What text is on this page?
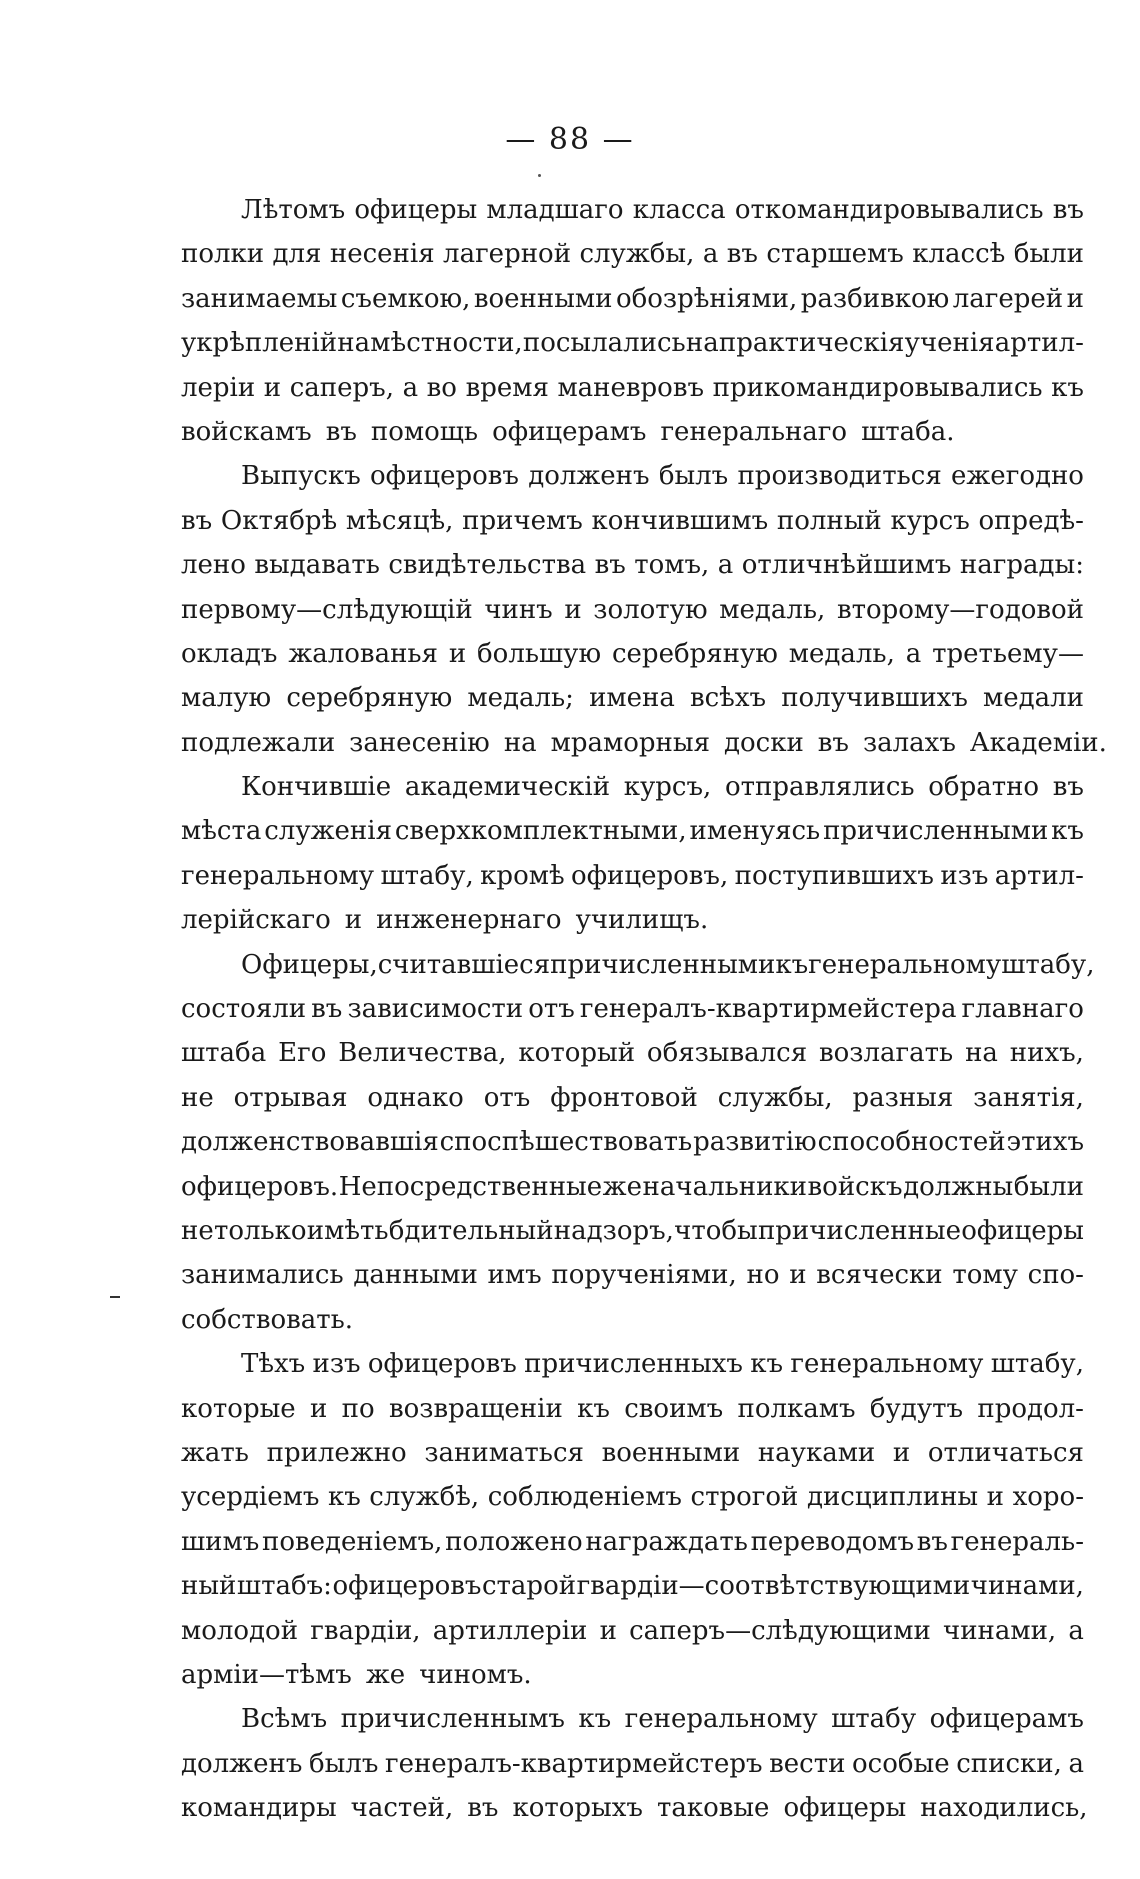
— 88 —
Лѣтомъ офицеры младшаго класса откомандировывались въ
полки для несенія лагерной службы, а въ старшемъ классѣ были
занимаемы съемкою, военными обозрѣніями, разбивкою лагерей и
укрѣпленій на мѣстности, посылались на практическія ученія артил-
леріи и саперъ, а во время маневровъ прикомандировывались къ
войскамъ въ помощь офицерамъ генеральнаго штаба.
Выпускъ офицеровъ долженъ былъ производиться ежегодно
въ Октябрѣ мѣсяцѣ, причемъ кончившимъ полный курсъ опредѣ-
лено выдавать свидѣтельства въ томъ, а отличнѣйшимъ награды:
первому—слѣдующій чинъ и золотую медаль, второму—годовой
окладъ жалованья и большую серебряную медаль, а третьему—
малую серебряную медаль; имена всѣхъ получившихъ медали
подлежали занесенію на мраморныя доски въ залахъ Академіи.
Кончившіе академическій курсъ, отправлялись обратно въ
мѣста служенія сверхкомплектными, именуясь причисленными къ
генеральному штабу, кромѣ офицеровъ, поступившихъ изъ артил-
лерійскаго и инженернаго училищъ.
Офицеры, считавшіеся причисленными къ генеральному штабу,
состояли въ зависимости отъ генералъ-квартирмейстера главнаго
штаба Его Величества, который обязывался возлагать на нихъ,
не отрывая однако отъ фронтовой службы, разныя занятія,
долженствовавшія споспѣшествовать развитію способностей этихъ
офицеровъ. Непосредственные же начальники войскъ должны были
не только имѣть бдительный надзоръ, чтобы причисленные офицеры
занимались данными имъ порученіями, но и всячески тому спо-
собствовать.
Тѣхъ изъ офицеровъ причисленныхъ къ генеральному штабу,
которые и по возвращеніи къ своимъ полкамъ будутъ продол-
жать прилежно заниматься военными науками и отличаться
усердіемъ къ службѣ, соблюденіемъ строгой дисциплины и хоро-
шимъ поведеніемъ, положено награждать переводомъ въ генераль-
ный штабъ: офицеровъ старой гвардіи—соотвѣтствующими чинами,
молодой гвардіи, артиллеріи и саперъ—слѣдующими чинами, а
арміи—тѣмъ же чиномъ.
Всѣмъ причисленнымъ къ генеральному штабу офицерамъ
долженъ былъ генералъ-квартирмейстеръ вести особые списки, а
командиры частей, въ которыхъ таковые офицеры находились,
